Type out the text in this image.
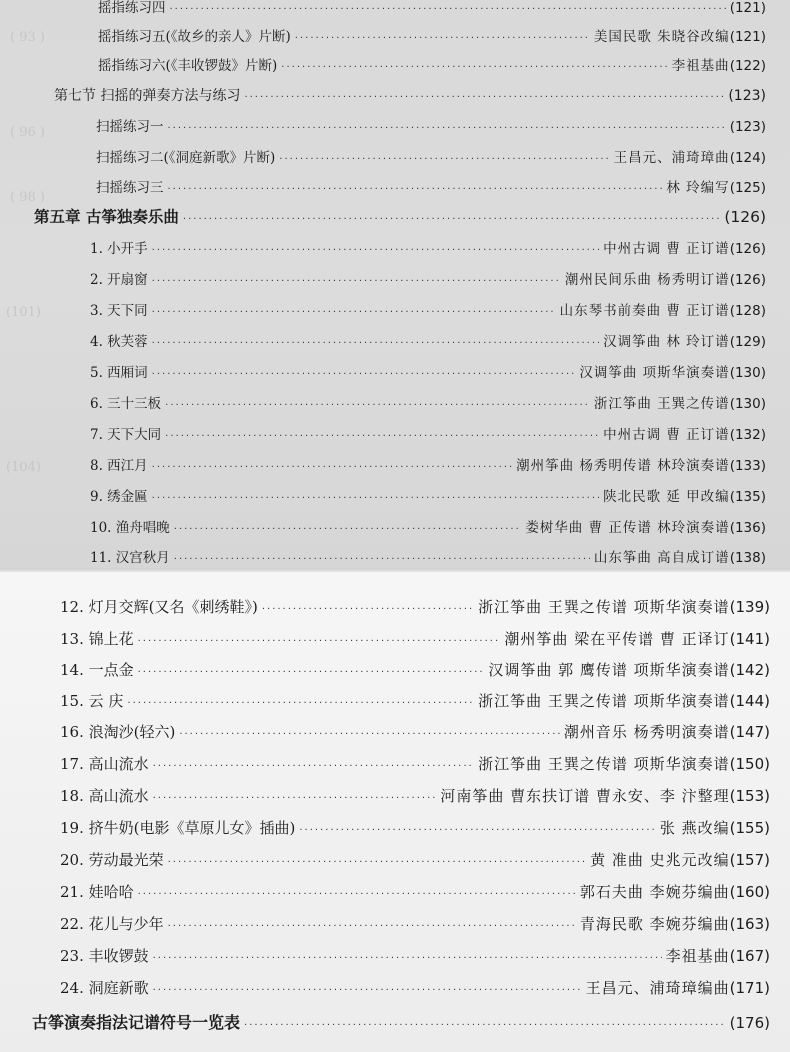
( 93 )
( 96 )
( 98 )
(101)
(104)
摇指练习四 ·····	(121)
摇指练习五(《故乡的亲人》片断) ·····	美国民歌 朱晓谷改编 (121)
摇指练习六(《丰收锣鼓》片断) ·····	李祖基曲 (122)
第七节 扫摇的弹奏方法与练习 ·····	(123)
扫摇练习一 ·····	(123)
扫摇练习二(《洞庭新歌》片断) ·····	王昌元、浦琦璋曲 (124)
扫摇练习三 ·····	林 玲编写 (125)
第五章 古筝独奏乐曲 ·····	(126)
1. 小开手 ·····	中州古调 曹 正订谱 (126)
2. 开扇窗 ·····	潮州民间乐曲 杨秀明订谱 (126)
3. 天下同 ·····	山东琴书前奏曲 曹 正订谱 (128)
4. 秋芙蓉 ·····	汉调筝曲 林 玲订谱 (129)
5. 西厢词 ·····	汉调筝曲 项斯华演奏谱 (130)
6. 三十三板 ·····	浙江筝曲 王巽之传谱 (130)
7. 天下大同 ·····	中州古调 曹 正订谱 (132)
8. 西江月 ·····	潮州筝曲 杨秀明传谱 林玲演奏谱 (133)
9. 绣金匾 ·····	陕北民歌 延 甲改编 (135)
10. 渔舟唱晚 ·····	娄树华曲 曹 正传谱 林玲演奏谱 (136)
11. 汉宫秋月 ·····	山东筝曲 高自成订谱 (138)
12. 灯月交辉(又名《刺绣鞋》) ·····	浙江筝曲 王巽之传谱 项斯华演奏谱 (139)
13. 锦上花 ·····	潮州筝曲 梁在平传谱 曹 正译订 (141)
14. 一点金 ·····	汉调筝曲 郭 鹰传谱 项斯华演奏谱 (142)
15. 云 庆 ·····	浙江筝曲 王巽之传谱 项斯华演奏谱 (144)
16. 浪淘沙(轻六) ·····	潮州音乐 杨秀明演奏谱 (147)
17. 高山流水 ·····	浙江筝曲 王巽之传谱 项斯华演奏谱 (150)
18. 高山流水 ·····	河南筝曲 曹东扶订谱 曹永安、李 汴整理 (153)
19. 挤牛奶(电影《草原儿女》插曲) ·····	张 燕改编 (155)
20. 劳动最光荣 ·····	黄 准曲 史兆元改编 (157)
21. 娃哈哈 ·····	郭石夫曲 李婉芬编曲 (160)
22. 花儿与少年 ·····	青海民歌 李婉芬编曲 (163)
23. 丰收锣鼓 ·····	李祖基曲 (167)
24. 洞庭新歌 ·····	王昌元、浦琦璋编曲 (171)
古筝演奏指法记谱符号一览表 ·····	(176)
